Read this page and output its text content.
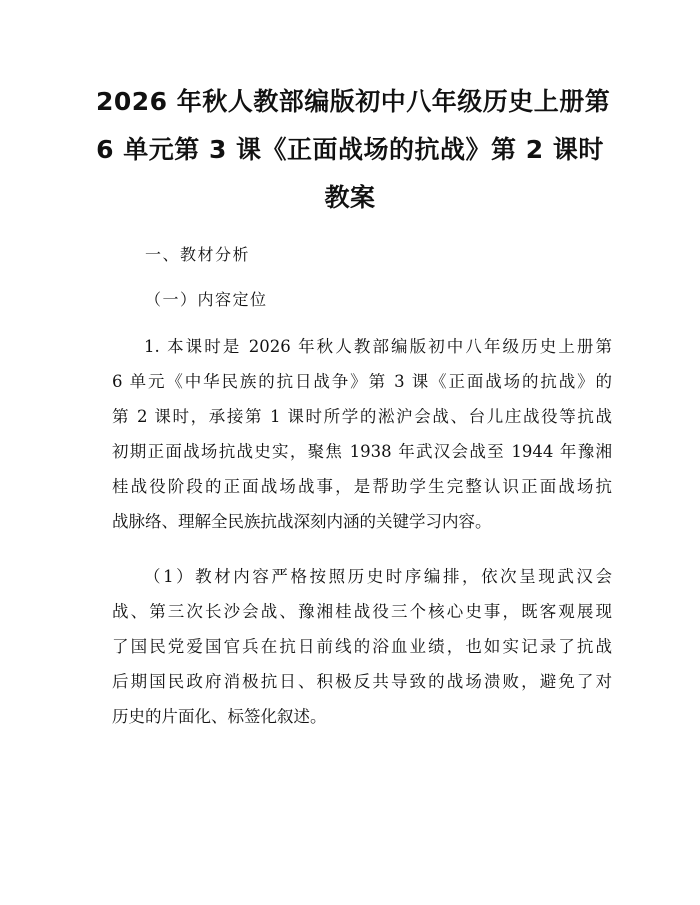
2026 年秋人教部编版初中八年级历史上册第
6 单元第 3 课《正面战场的抗战》第 2 课时
教案
一、教材分析
（一）内容定位
1. 本课时是 2026 年秋人教部编版初中八年级历史上册第
6 单元《中华民族的抗日战争》第 3 课《正面战场的抗战》的
第 2 课时，承接第 1 课时所学的淞沪会战、台儿庄战役等抗战
初期正面战场抗战史实，聚焦 1938 年武汉会战至 1944 年豫湘
桂战役阶段的正面战场战事，是帮助学生完整认识正面战场抗
战脉络、理解全民族抗战深刻内涵的关键学习内容。
（1）教材内容严格按照历史时序编排，依次呈现武汉会
战、第三次长沙会战、豫湘桂战役三个核心史事，既客观展现
了国民党爱国官兵在抗日前线的浴血业绩，也如实记录了抗战
后期国民政府消极抗日、积极反共导致的战场溃败，避免了对
历史的片面化、标签化叙述。
